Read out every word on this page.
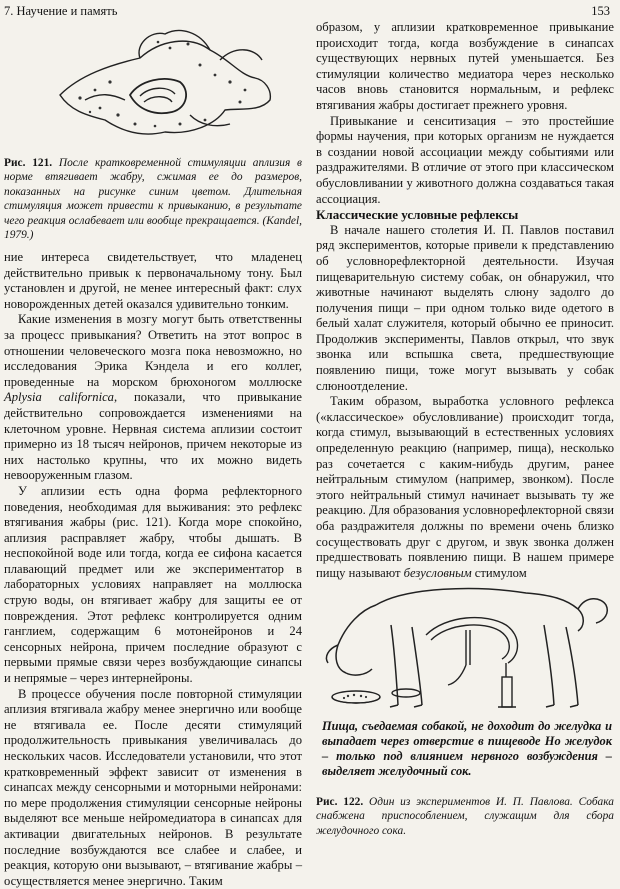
7. Научение и память	153
Рис. 121. После кратковременной стимуляции аплизия в норме втягивает жабру, сжимая ее до размеров, показанных на рисунке синим цветом. Длительная стимуляция может привести к привыканию, в результате чего реакция ослабевает или вообще прекращается. (Kandel, 1979.)

ние интереса свидетельствует, что младенец действительно привык к первоначальному тону. Был установлен и другой, не менее интересный факт: слух новорожденных детей оказался удивительно тонким.

Какие изменения в мозгу могут быть ответственны за процесс привыкания? Ответить на этот вопрос в отношении человеческого мозга пока невозможно, но исследования Эрика Кэндела и его коллег, проведенные на морском брюхоногом моллюске Aplysia californica, показали, что привыкание действительно сопровождается изменениями на клеточном уровне. Нервная система аплизии состоит примерно из 18 тысяч нейронов, причем некоторые из них настолько крупны, что их можно видеть невооруженным глазом.

У аплизии есть одна форма рефлекторного поведения, необходимая для выживания: это рефлекс втягивания жабры (рис. 121). Когда море спокойно, аплизия расправляет жабру, чтобы дышать. В неспокойной воде или тогда, когда ее сифона касается плавающий предмет или же экспериментатор в лабораторных условиях направляет на моллюска струю воды, он втягивает жабру для защиты ее от повреждения. Этот рефлекс контролируется одним ганглием, содержащим 6 мотонейронов и 24 сенсорных нейрона, причем последние образуют с первыми прямые связи через возбуждающие синапсы и непрямые – через интернейроны.

В процессе обучения после повторной стимуляции аплизия втягивала жабру менее энергично или вообще не втягивала ее. После десяти стимуляций продолжительность привыкания увеличивалась до нескольких часов. Исследователи установили, что этот кратковременный эффект зависит от изменения в синапсах между сенсорными и моторными нейронами: по мере продолжения стимуляции сенсорные нейроны выделяют все меньше нейромедиатора в синапсах для активации двигательных нейронов. В результате последние возбуждаются все слабее и слабее, и реакция, которую они вызывают, – втягивание жабры – осуществляется менее энергично. Таким

образом, у аплизии кратковременное привыкание происходит тогда, когда возбуждение в синапсах существующих нервных путей уменьшается. Без стимуляции количество медиатора через несколько часов вновь становится нормальным, и рефлекс втягивания жабры достигает прежнего уровня.

Привыкание и сенситизация – это простейшие формы научения, при которых организм не нуждается в создании новой ассоциации между событиями или раздражителями. В отличие от этого при классическом обусловливании у животного должна создаваться такая ассоциация.

Классические условные рефлексы

В начале нашего столетия И. П. Павлов поставил ряд экспериментов, которые привели к представлению об условнорефлекторной деятельности. Изучая пищеварительную систему собак, он обнаружил, что животные начинают выделять слюну задолго до получения пищи – при одном только виде одетого в белый халат служителя, который обычно ее приносит. Продолжив эксперименты, Павлов открыл, что звук звонка или вспышка света, предшествующие появлению пищи, тоже могут вызывать у собак слюноотделение.

Таким образом, выработка условного рефлекса («классическое» обусловливание) происходит тогда, когда стимул, вызывающий в естественных условиях определенную реакцию (например, пища), несколько раз сочетается с каким-нибудь другим, ранее нейтральным стимулом (например, звонком). После этого нейтральный стимул начинает вызывать ту же реакцию. Для образования условнорефлекторной связи оба раздражителя должны по времени очень близко сосуществовать друг с другом, и звук звонка должен предшествовать появлению пищи. В нашем примере пищу называют безусловным стимулом

Пища, съедаемая собакой, не доходит до желудка и выпадает через отверстие в пищеводе Но желудок – только под влиянием нервного возбуждения – выделяет желудочный сок.
Рис. 122. Один из экспериментов И. П. Павлова. Собака снабжена приспособлением, служащим для сбора желудочного сока.
